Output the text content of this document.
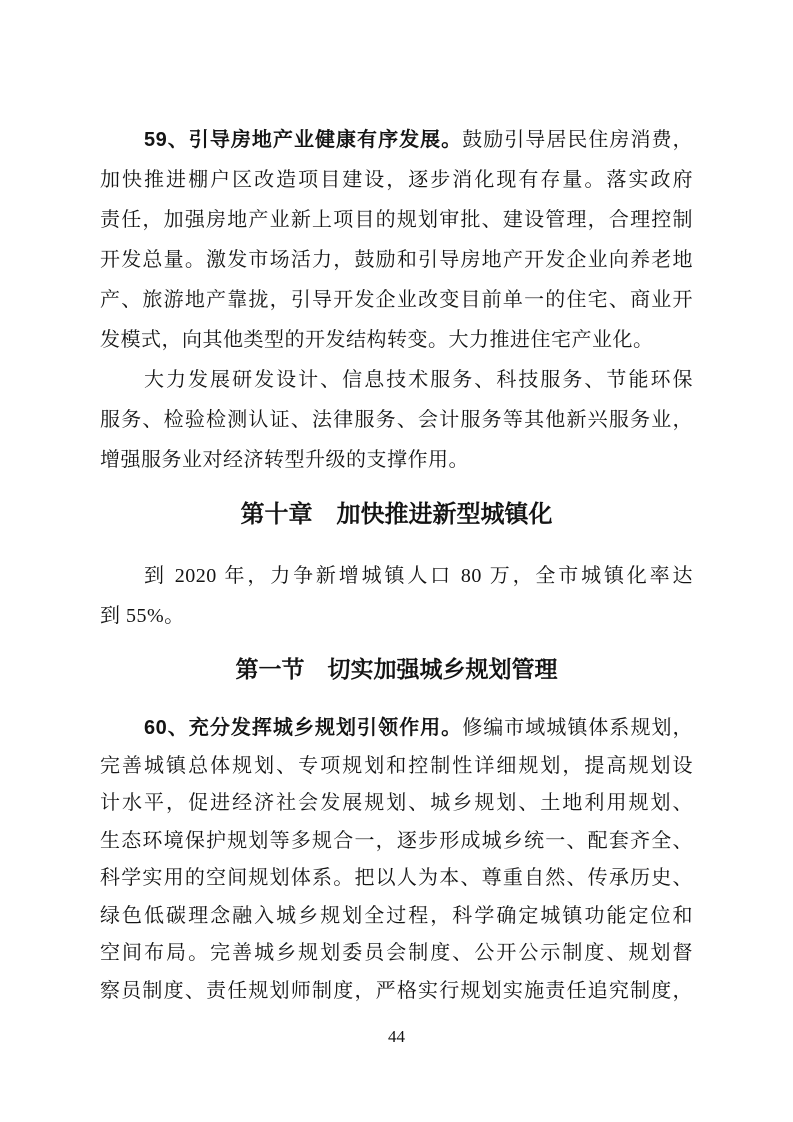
59、引导房地产业健康有序发展。鼓励引导居民住房消费，
加快推进棚户区改造项目建设，逐步消化现有存量。落实政府
责任，加强房地产业新上项目的规划审批、建设管理，合理控制
开发总量。激发市场活力，鼓励和引导房地产开发企业向养老地
产、旅游地产靠拢，引导开发企业改变目前单一的住宅、商业开
发模式，向其他类型的开发结构转变。大力推进住宅产业化。
大力发展研发设计、信息技术服务、科技服务、节能环保
服务、检验检测认证、法律服务、会计服务等其他新兴服务业，
增强服务业对经济转型升级的支撑作用。
第十章　加快推进新型城镇化
到 2020 年，力争新增城镇人口 80 万，全市城镇化率达
到 55%。
第一节　切实加强城乡规划管理
60、充分发挥城乡规划引领作用。修编市域城镇体系规划，
完善城镇总体规划、专项规划和控制性详细规划，提高规划设
计水平，促进经济社会发展规划、城乡规划、土地利用规划、
生态环境保护规划等多规合一，逐步形成城乡统一、配套齐全、
科学实用的空间规划体系。把以人为本、尊重自然、传承历史、
绿色低碳理念融入城乡规划全过程，科学确定城镇功能定位和
空间布局。完善城乡规划委员会制度、公开公示制度、规划督
察员制度、责任规划师制度，严格实行规划实施责任追究制度，
44
